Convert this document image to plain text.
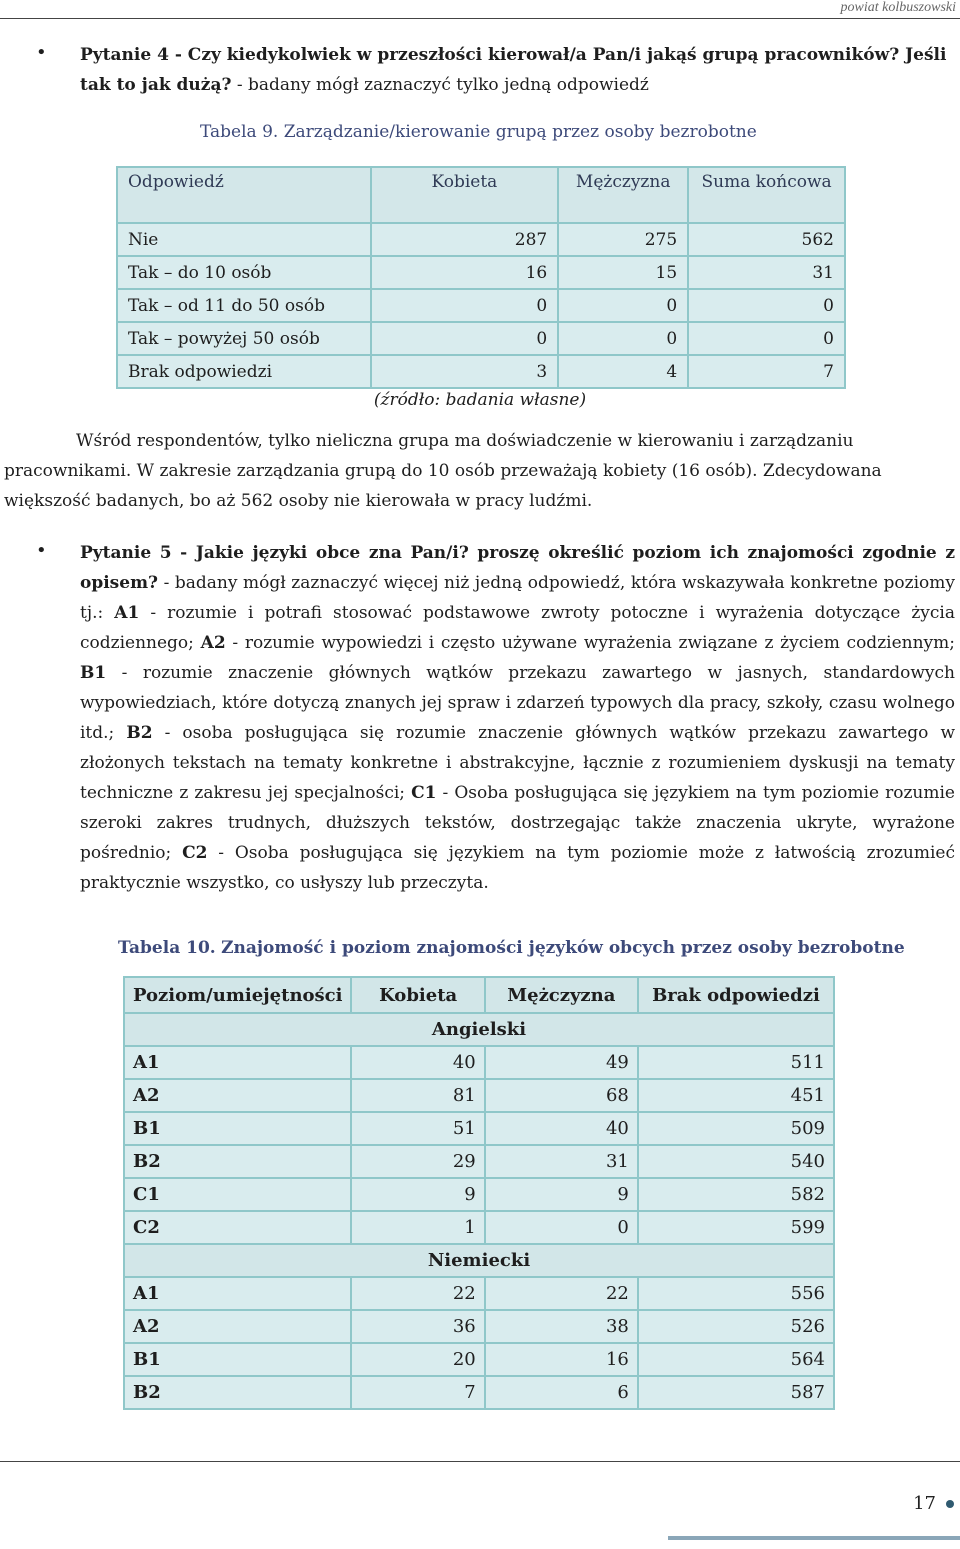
powiat kolbuszowski
• Pytanie 4 - Czy kiedykolwiek w przeszłości kierował/a Pan/i jakąś grupą pracowników? Jeśli tak to jak dużą? - badany mógł zaznaczyć tylko jedną odpowiedź
Tabela 9. Zarządzanie/kierowanie grupą przez osoby bezrobotne
Odpowiedź	Kobieta	Mężczyzna	Suma końcowa
Nie	287	275	562
Tak – do 10 osób	16	15	31
Tak – od 11 do 50 osób	0	0	0
Tak – powyżej 50 osób	0	0	0
Brak odpowiedzi	3	4	7
(źródło: badania własne)
Wśród respondentów, tylko nieliczna grupa ma doświadczenie w kierowaniu i zarządzaniu pracownikami. W zakresie zarządzania grupą do 10 osób przeważają kobiety (16 osób). Zdecydowana większość badanych, bo aż 562 osoby nie kierowała w pracy ludźmi.
• Pytanie 5 - Jakie języki obce zna Pan/i? proszę określić poziom ich znajomości zgodnie z opisem? - badany mógł zaznaczyć więcej niż jedną odpowiedź, która wskazywała konkretne poziomy tj.: A1 - rozumie i potrafi stosować podstawowe zwroty potoczne i wyrażenia dotyczące życia codziennego; A2 - rozumie wypowiedzi i często używane wyrażenia związane z życiem codziennym; B1 - rozumie znaczenie głównych wątków przekazu zawartego w jasnych, standardowych wypowiedziach, które dotyczą znanych jej spraw i zdarzeń typowych dla pracy, szkoły, czasu wolnego itd.; B2 - osoba posługująca się rozumie znaczenie głównych wątków przekazu zawartego w złożonych tekstach na tematy konkretne i abstrakcyjne, łącznie z rozumieniem dyskusji na tematy techniczne z zakresu jej specjalności; C1 - Osoba posługująca się językiem na tym poziomie rozumie szeroki zakres trudnych, dłuższych tekstów, dostrzegając także znaczenia ukryte, wyrażone pośrednio; C2 - Osoba posługująca się językiem na tym poziomie może z łatwością zrozumieć praktycznie wszystko, co usłyszy lub przeczyta.
Tabela 10. Znajomość i poziom znajomości języków obcych przez osoby bezrobotne
Poziom/umiejętności	Kobieta	Mężczyzna	Brak odpowiedzi
Angielski			
A1	40	49	511
A2	81	68	451
B1	51	40	509
B2	29	31	540
C1	9	9	582
C2	1	0	599
Niemiecki			
A1	22	22	556
A2	36	38	526
B1	20	16	564
B2	7	6	587
17
